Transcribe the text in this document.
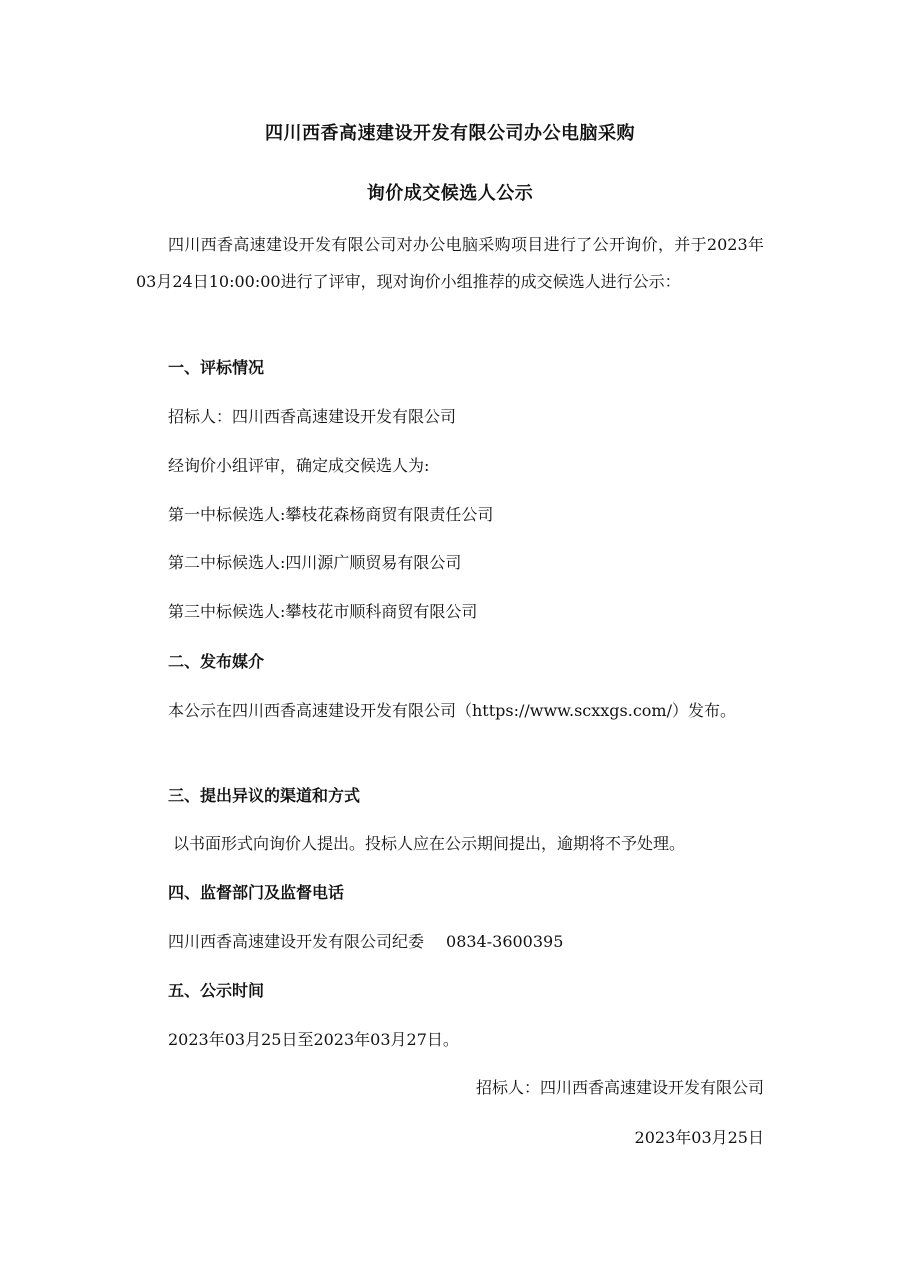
四川西香高速建设开发有限公司办公电脑采购
询价成交候选人公示
四川西香高速建设开发有限公司对办公电脑采购项目进行了公开询价，并于2023年03月24日10:00:00进行了评审，现对询价小组推荐的成交候选人进行公示：
一、评标情况
招标人：四川西香高速建设开发有限公司
经询价小组评审，确定成交候选人为:
第一中标候选人:攀枝花森杨商贸有限责任公司
第二中标候选人:四川源广顺贸易有限公司
第三中标候选人:攀枝花市顺科商贸有限公司
二、发布媒介
本公示在四川西香高速建设开发有限公司（https://www.scxxgs.com/）发布。
三、提出异议的渠道和方式
以书面形式向询价人提出。投标人应在公示期间提出，逾期将不予处理。
四、监督部门及监督电话
四川西香高速建设开发有限公司纪委 0834-3600395
五、公示时间
2023年03月25日至2023年03月27日。
招标人：四川西香高速建设开发有限公司
2023年03月25日
